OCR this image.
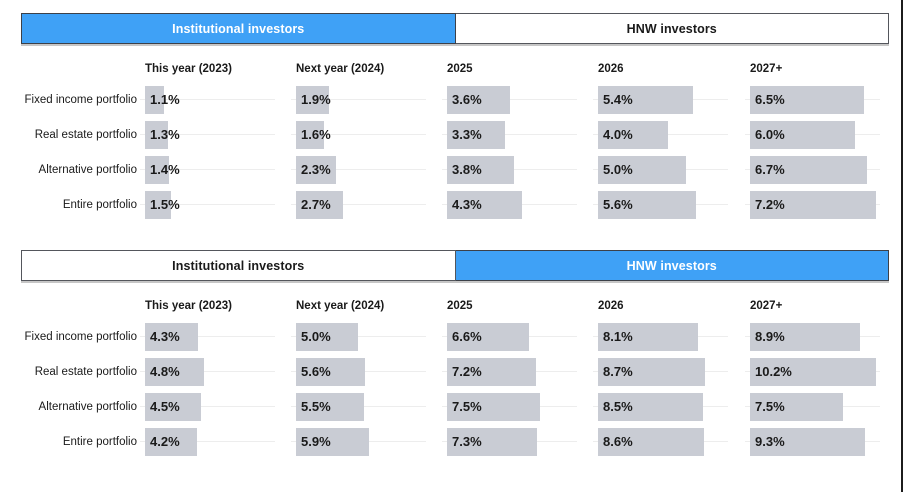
Institutional investors	HNW investors
This year (2023)	Next year (2024)	2025	2026	2027+
Fixed income portfolio 1.1%	1.9%	3.6%	5.4%	6.5%
Real estate portfolio 1.3%	1.6%	3.3%	4.0%	6.0%
Alternative portfolio 1.4%	2.3%	3.8%	5.0%	6.7%
Entire portfolio 1.5%	2.7%	4.3%	5.6%	7.2%
Institutional investors	HNW investors
This year (2023)	Next year (2024)	2025	2026	2027+
Fixed income portfolio 4.3%	5.0%	6.6%	8.1%	8.9%
Real estate portfolio 4.8%	5.6%	7.2%	8.7%	10.2%
Alternative portfolio 4.5%	5.5%	7.5%	8.5%	7.5%
Entire portfolio 4.2%	5.9%	7.3%	8.6%	9.3%
